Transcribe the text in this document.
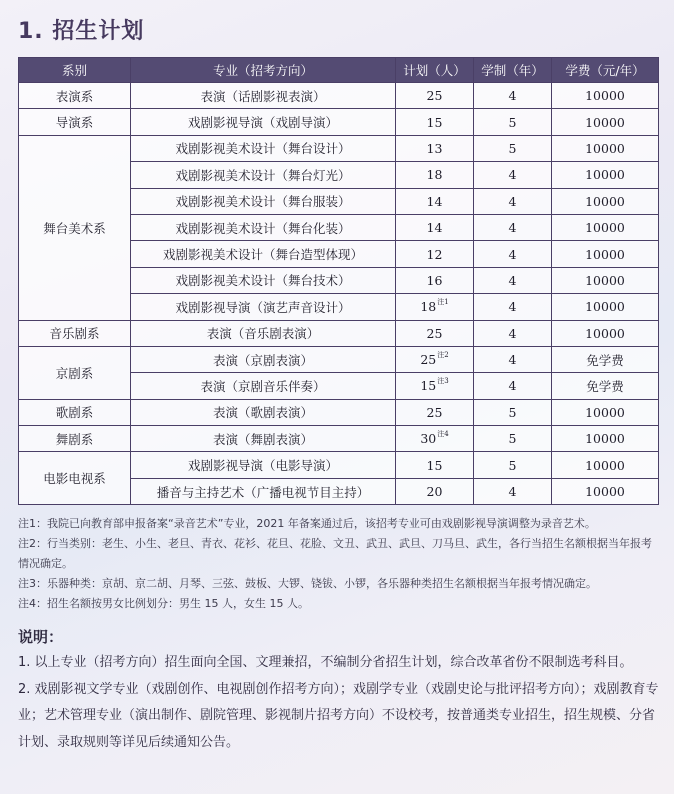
1. 招生计划
系别	专业（招考方向）	计划（人）	学制（年）	学费（元/年）
表演系	表演（话剧影视表演）	25	4	10000
导演系	戏剧影视导演（戏剧导演）	15	5	10000
舞台美术系	戏剧影视美术设计（舞台设计）	13	5	10000
	戏剧影视美术设计（舞台灯光）	18	4	10000
	戏剧影视美术设计（舞台服装）	14	4	10000
	戏剧影视美术设计（舞台化装）	14	4	10000
	戏剧影视美术设计（舞台造型体现）	12	4	10000
	戏剧影视美术设计（舞台技术）	16	4	10000
	戏剧影视导演（演艺声音设计）	18$^{注1}$	4	10000
音乐剧系	表演（音乐剧表演）	25	4	10000
京剧系	表演（京剧表演）	25$^{注2}$	4	免学费
	表演（京剧音乐伴奏）	15$^{注3}$	4	免学费
歌剧系	表演（歌剧表演）	25	5	10000
舞剧系	表演（舞剧表演）	30$^{注4}$	5	10000
电影电视系	戏剧影视导演（电影导演）	15	5	10000
	播音与主持艺术（广播电视节目主持）	20	4	10000

注1：我院已向教育部申报备案“录音艺术”专业，2021 年备案通过后，该招考专业可由戏剧影视导演调整为录音艺术。

注2：行当类别：老生、小生、老旦、青衣、花衫、花旦、花脸、文丑、武丑、武旦、刀马旦、武生，各行当招生名额根据当年报考情况确定。

注3：乐器种类：京胡、京二胡、月琴、三弦、鼓板、大锣、铙钹、小锣，各乐器种类招生名额根据当年报考情况确定。

注4：招生名额按男女比例划分：男生 15 人，女生 15 人。

说明：

1. 以上专业（招考方向）招生面向全国、文理兼招，不编制分省招生计划，综合改革省份不限制选考科目。

2. 戏剧影视文学专业（戏剧创作、电视剧创作招考方向）；戏剧学专业（戏剧史论与批评招考方向）；戏剧教育专业；艺术管理专业（演出制作、剧院管理、影视制片招考方向）不设校考，按普通类专业招生，招生规模、分省计划、录取规则等详见后续通知公告。
